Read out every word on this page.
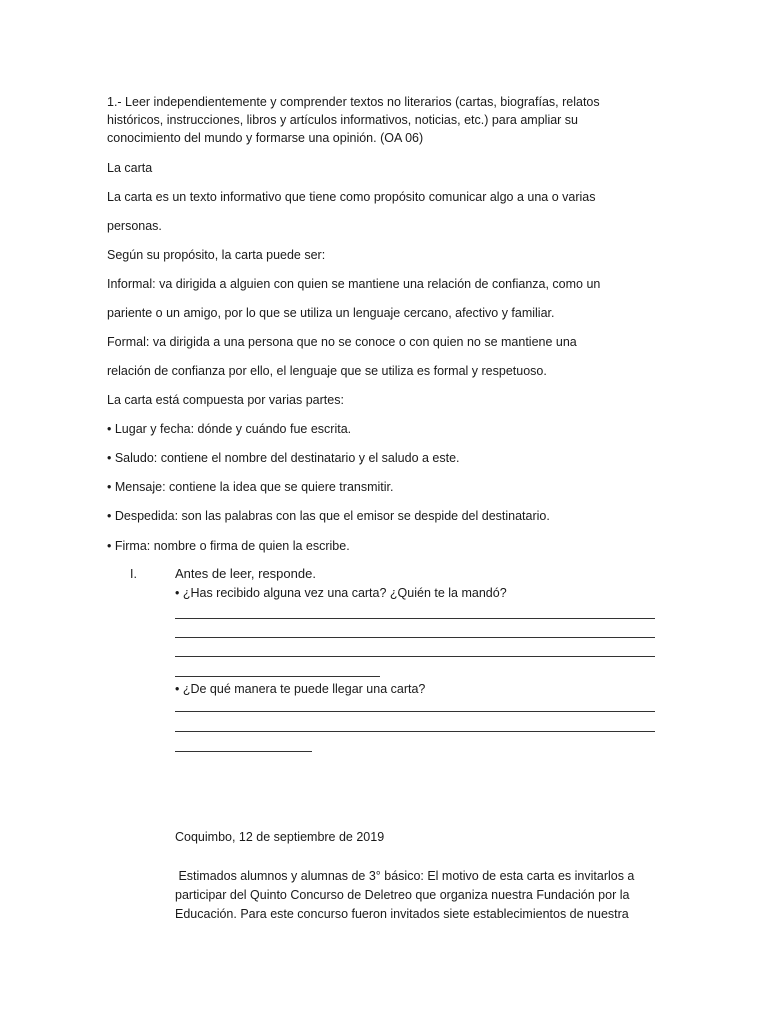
1.- Leer independientemente y comprender textos no literarios (cartas, biografías, relatos
históricos, instrucciones, libros y artículos informativos, noticias, etc.) para ampliar su
conocimiento del mundo y formarse una opinión. (OA 06)
La carta
La carta es un texto informativo que tiene como propósito comunicar algo a una o varias
personas.
Según su propósito, la carta puede ser:
Informal: va dirigida a alguien con quien se mantiene una relación de confianza, como un
pariente o un amigo, por lo que se utiliza un lenguaje cercano, afectivo y familiar.
Formal: va dirigida a una persona que no se conoce o con quien no se mantiene una
relación de confianza por ello, el lenguaje que se utiliza es formal y respetuoso.
La carta está compuesta por varias partes:
• Lugar y fecha: dónde y cuándo fue escrita.
• Saludo: contiene el nombre del destinatario y el saludo a este.
• Mensaje: contiene la idea que se quiere transmitir.
• Despedida: son las palabras con las que el emisor se despide del destinatario.
• Firma: nombre o firma de quien la escribe.
I.	Antes de leer, responde.
• ¿Has recibido alguna vez una carta? ¿Quién te la mandó?
• ¿De qué manera te puede llegar una carta?
Coquimbo, 12 de septiembre de 2019
Estimados alumnos y alumnas de 3° básico: El motivo de esta carta es invitarlos a
participar del Quinto Concurso de Deletreo que organiza nuestra Fundación por la
Educación. Para este concurso fueron invitados siete establecimientos de nuestra
